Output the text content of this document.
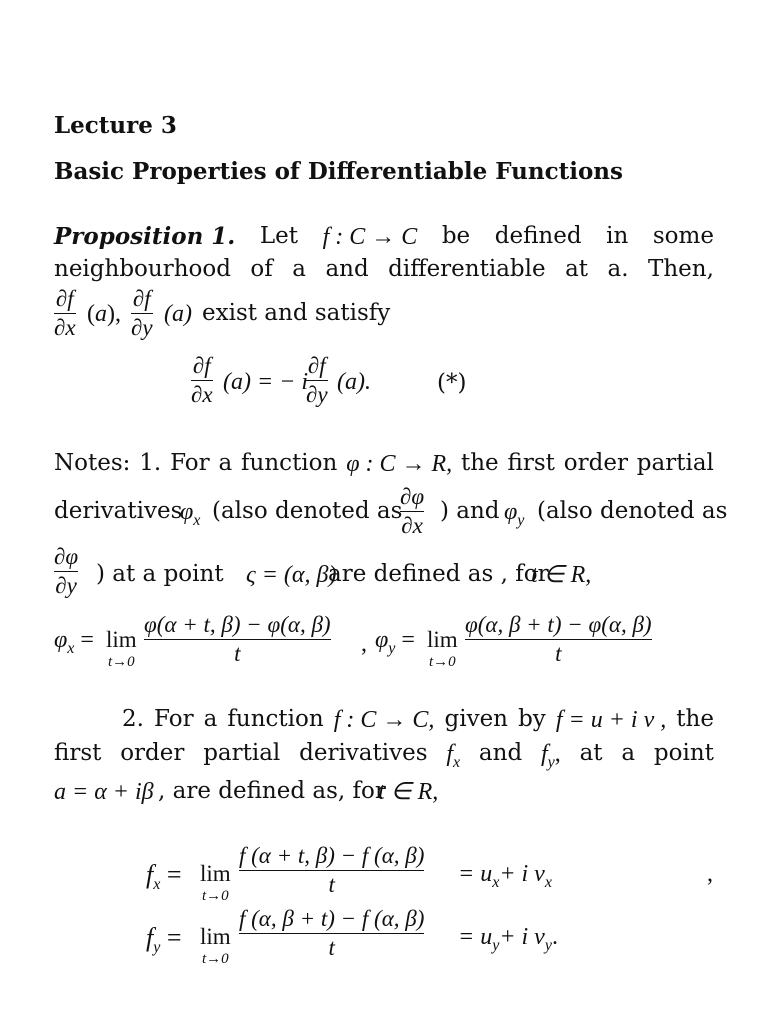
Lecture 3
Basic Properties of Differentiable Functions
Proposition 1. Let f : C → C be defined in some
neighbourhood of a and differentiable at a. Then,
∂f
∂x
(a),
∂f
∂y
(a) exist and satisfy
∂f
∂x (a) = − i
∂f
∂y (a).	(*)
Notes: 1. For a function φ : C → R, the first order partial
derivatives
$\varphi_x$ (also denoted as
∂φ
∂x
) and $\varphi_y$ (also denoted as
∂φ
∂y ) at a point ς = (α, β)
are defined as , for
t ∈ R,
$\varphi_x = \lim$
t→0
φ(α + t, β) − φ(α, β)
t	, $\varphi_y = \lim$
t→0
φ(α, β + t) − φ(α, β)
t
2. For a function f : C → C, given by f = u + i v , the
first order partial derivatives $f_x$ and $f_y$, at a point
a = α + iβ , are defined as, for
t ∈ R,
$f_x = \lim$
t→0
f (α + t, β) − f (α, β)
t	= $u_x+ i$ $v_x$	,
$f_y = \lim$
t→0
f (α, β + t) − f (α, β)
t	= $u_y+ i$ $v_y$.
